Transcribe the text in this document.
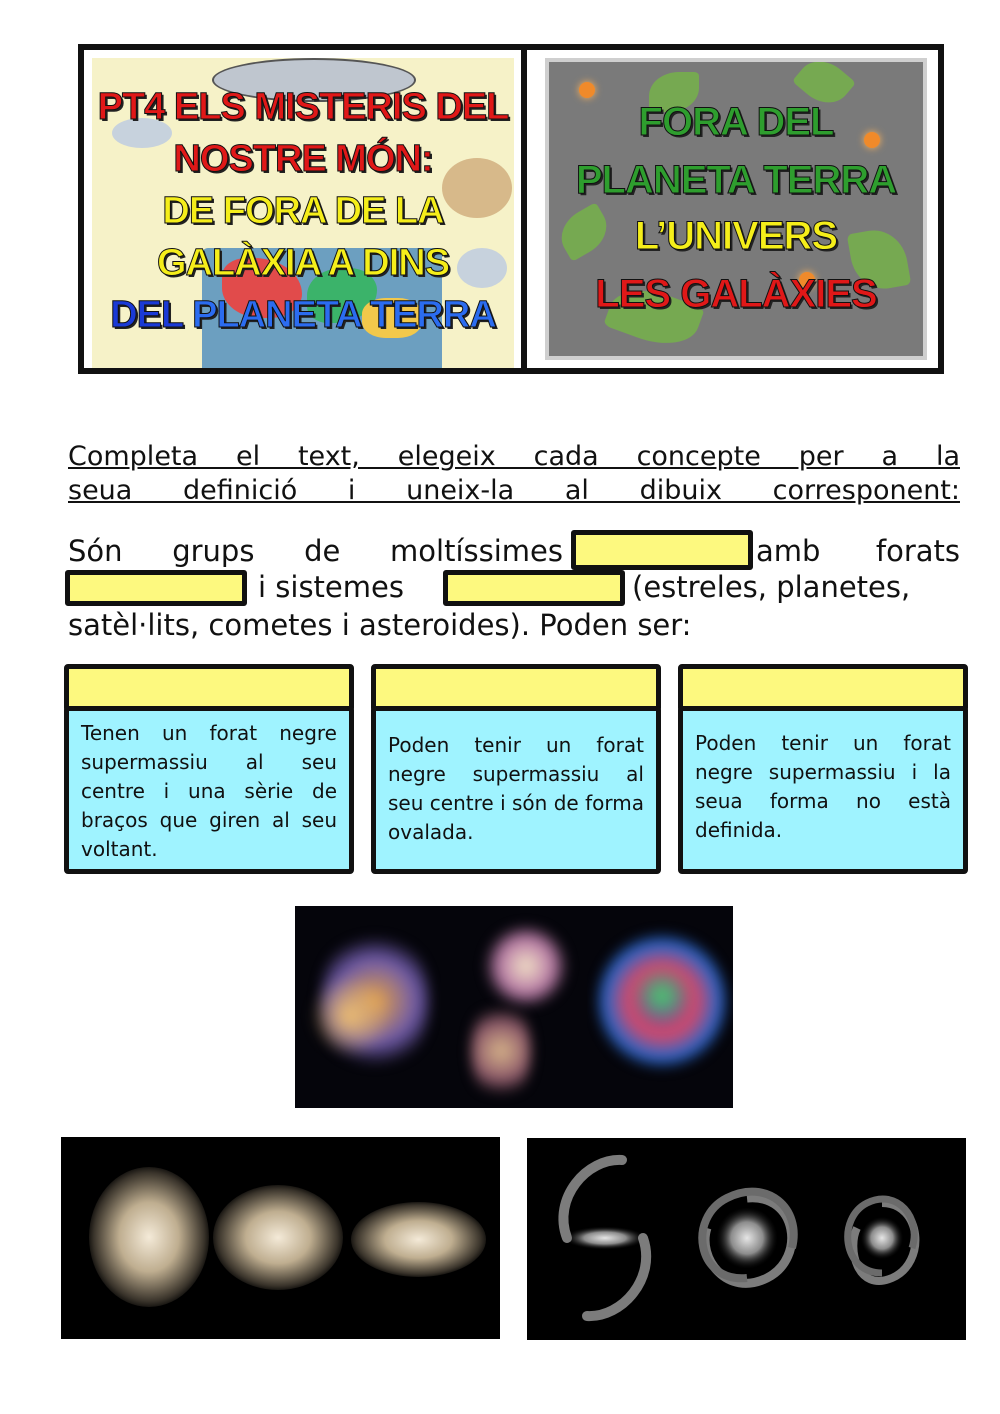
PT4 ELS MISTERIS DEL
NOSTRE MÓN:
DE FORA DE LA
GALÀXIA A DINS
DEL PLANETA TERRA
FORA DEL
PLANETA TERRA
L’UNIVERS
LES GALÀXIES
Completa el text, elegeix cada concepte per a la
seua definició i uneix-la al dibuix corresponent:
Són grups de moltíssimes	amb forats
i sistemes	(estreles, planetes,
satèl·lits, cometes i asteroides). Poden ser:
Tenen un forat negre supermassiu al seu centre i una sèrie de braços que giren al seu voltant.
Poden tenir un forat negre supermassiu al seu centre i són de forma ovalada.
Poden tenir un forat negre supermassiu i la seua forma no està definida.
